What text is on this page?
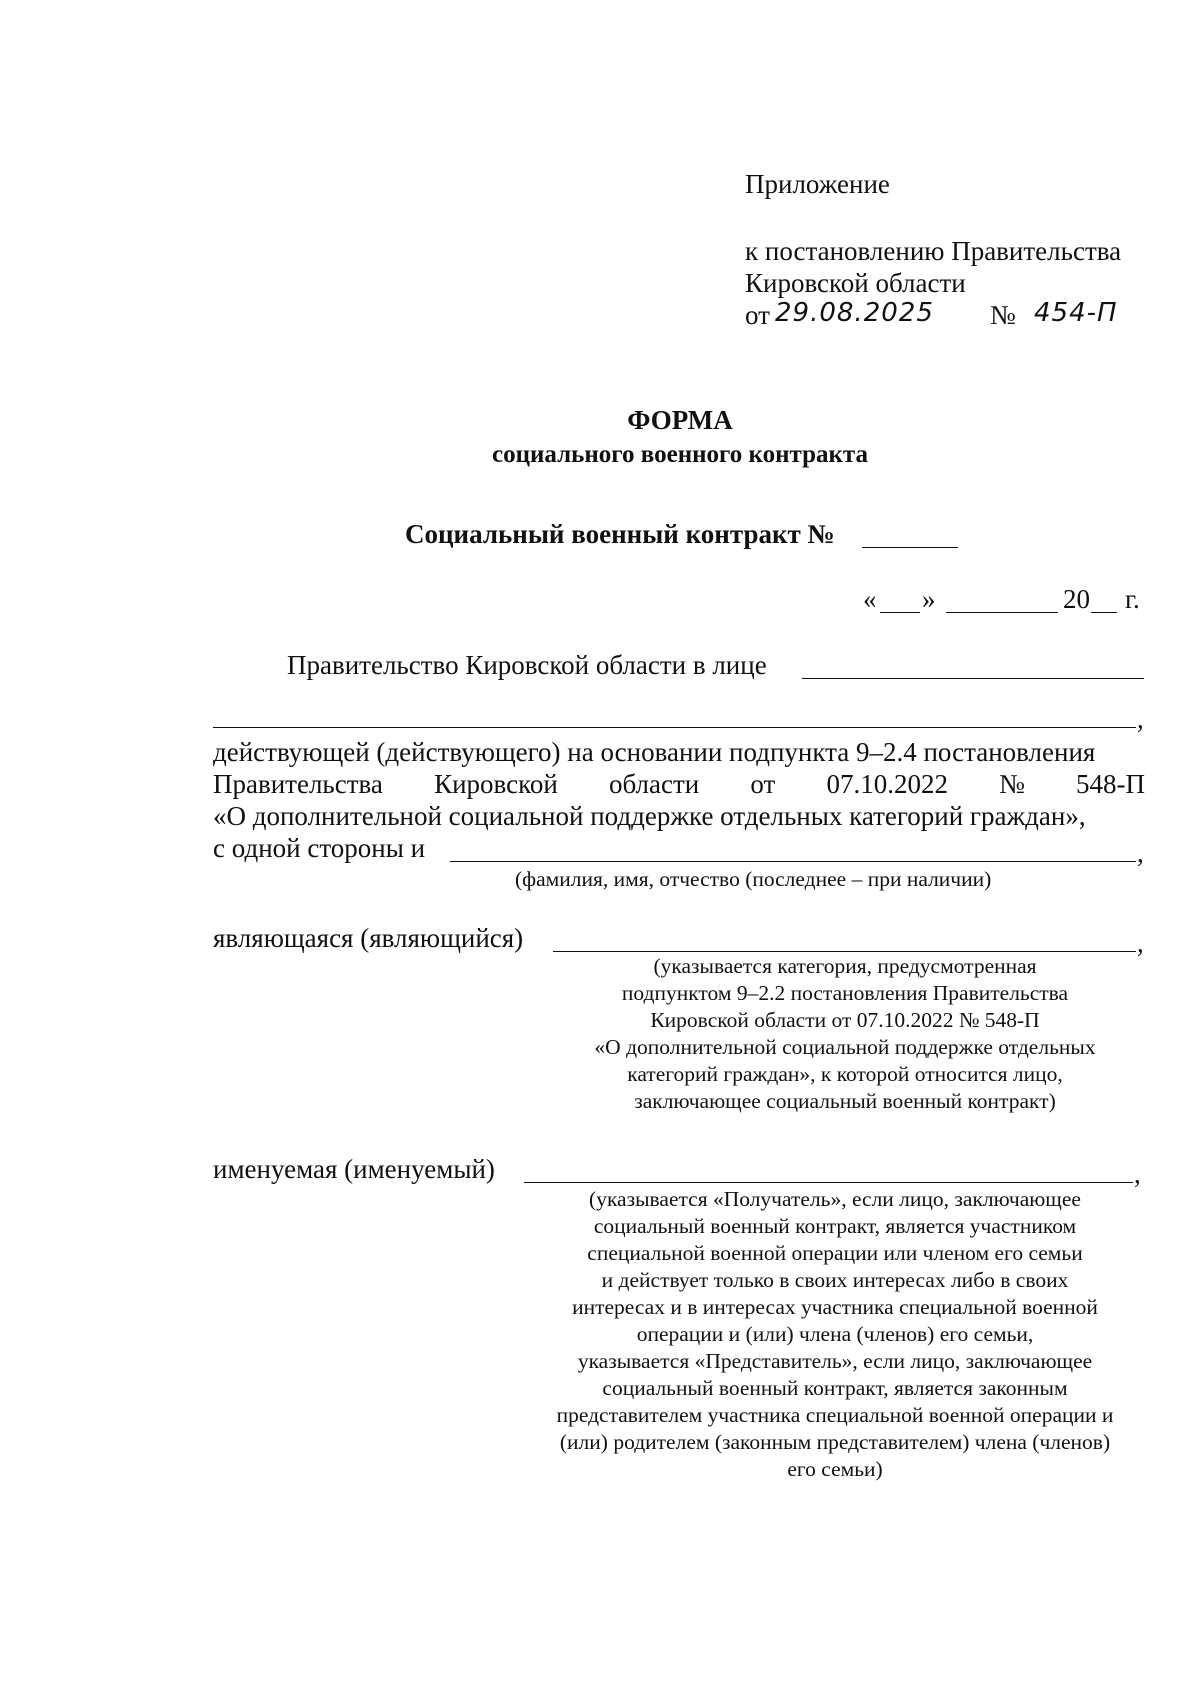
Приложение
к постановлению Правительства
Кировской области
от 29.08.2025 № 454-П
ФОРМА
социального военного контракта
Социальный военный контракт №
« »	20 г.
Правительство Кировской области в лице
,
действующей (действующего) на основании подпункта 9–2.4 постановления
Правительства Кировской области от 07.10.2022 № 548-П
«О дополнительной социальной поддержке отдельных категорий граждан»,
с одной стороны и	,
(фамилия, имя, отчество (последнее – при наличии)
являющаяся (являющийся)	,
(указывается категория, предусмотренная
подпунктом 9–2.2 постановления Правительства
Кировской области от 07.10.2022 № 548-П
«О дополнительной социальной поддержке отдельных
категорий граждан», к которой относится лицо,
заключающее социальный военный контракт)
именуемая (именуемый)	,
(указывается «Получатель», если лицо, заключающее
социальный военный контракт, является участником
специальной военной операции или членом его семьи
и действует только в своих интересах либо в своих
интересах и в интересах участника специальной военной
операции и (или) члена (членов) его семьи,
указывается «Представитель», если лицо, заключающее
социальный военный контракт, является законным
представителем участника специальной военной операции и
(или) родителем (законным представителем) члена (членов)
его семьи)
